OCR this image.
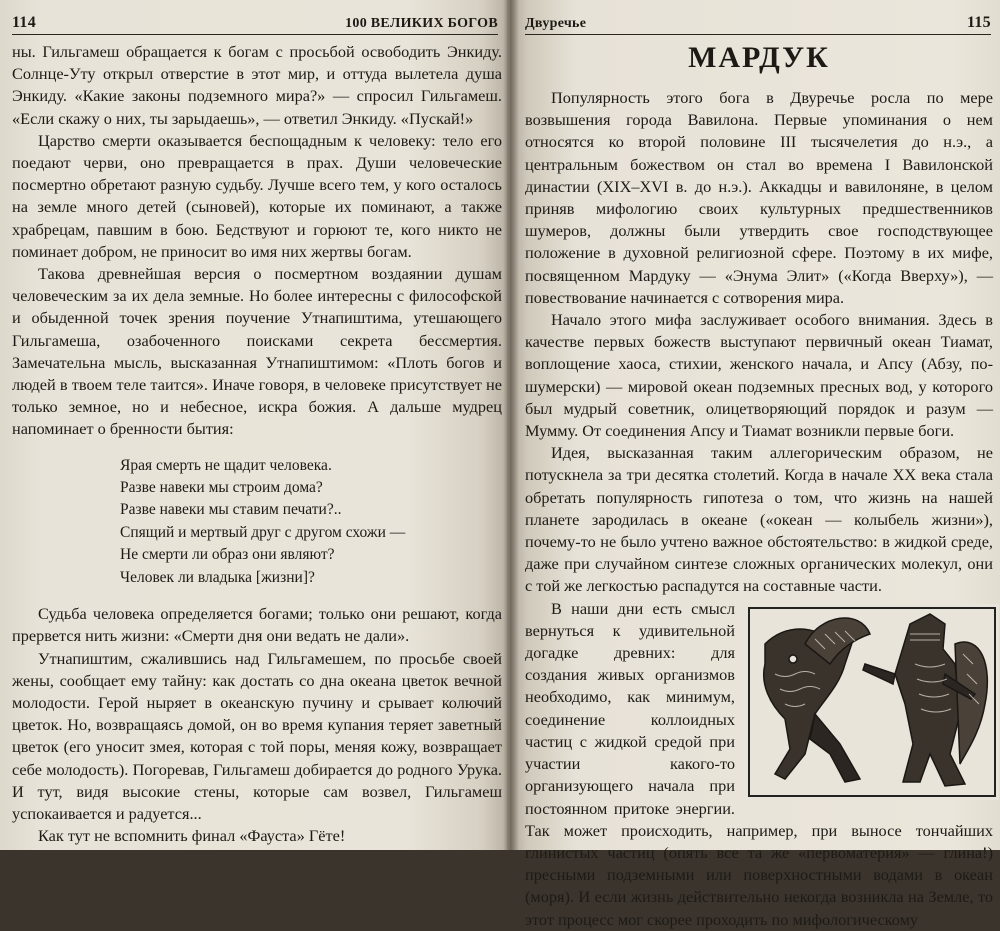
114	100 ВЕЛИКИХ БОГОВ

ны. Гильгамеш обращается к богам с просьбой освободить Энкиду. Солнце-Уту открыл отверстие в этот мир, и оттуда вылетела душа Энкиду. «Какие законы подземного мира?» — спросил Гильгамеш. «Если скажу о них, ты зарыдаешь», — ответил Энкиду. «Пускай!»

Царство смерти оказывается беспощадным к человеку: тело его поедают черви, оно превращается в прах. Души человеческие посмертно обретают разную судьбу. Лучше всего тем, у кого осталось на земле много детей (сыновей), которые их поминают, а также храбрецам, павшим в бою. Бедствуют и горюют те, кого никто не поминает добром, не приносит во имя них жертвы богам.

Такова древнейшая версия о посмертном воздаянии душам человеческим за их дела земные. Но более интересны с философской и обыденной точек зрения поучение Утнапиштима, утешающего Гильгамеша, озабоченного поисками секрета бессмертия. Замечательна мысль, высказанная Утнапиштимом: «Плоть богов и людей в твоем теле таится». Иначе говоря, в человеке присутствует не только земное, но и небесное, искра божия. А дальше мудрец напоминает о бренности бытия:

Ярая смерть не щадит человека.
Разве навеки мы строим дома?
Разве навеки мы ставим печати?..
Спящий и мертвый друг с другом схожи —
Не смерти ли образ они являют?
Человек ли владыка [жизни]?

Судьба человека определяется богами; только они решают, когда прервется нить жизни: «Смерти дня они ведать не дали».

Утнапиштим, сжалившись над Гильгамешем, по просьбе своей жены, сообщает ему тайну: как достать со дна океана цветок вечной молодости. Герой ныряет в океанскую пучину и срывает колючий цветок. Но, возвращаясь домой, он во время купания теряет заветный цветок (его уносит змея, которая с той поры, меняя кожу, возвращает себе молодость). Погоревав, Гильгамеш добирается до родного Урука. И тут, видя высокие стены, которые сам возвел, Гильгамеш успокаивается и радуется...

Как тут не вспомнить финал «Фауста» Гёте!

Двуречье	115
МАРДУК

Популярность этого бога в Двуречье росла по мере возвышения города Вавилона. Первые упоминания о нем относятся ко второй половине III тысячелетия до н.э., а центральным божеством он стал во времена I Вавилонской династии (XIX–XVI в. до н.э.). Аккадцы и вавилоняне, в целом приняв мифологию своих культурных предшественников шумеров, должны были утвердить свое господствующее положение в духовной религиозной сфере. Поэтому в их мифе, посвященном Мардуку — «Энума Элит» («Когда Вверху»), — повествование начинается с сотворения мира.

Начало этого мифа заслуживает особого внимания. Здесь в качестве первых божеств выступают первичный океан Тиамат, воплощение хаоса, стихии, женского начала, и Апсу (Абзу, по-шумерски) — мировой океан подземных пресных вод, у которого был мудрый советник, олицетворяющий порядок и разум — Мумму. От соединения Апсу и Тиамат возникли первые боги.

Идея, высказанная таким аллегорическим образом, не потускнела за три десятка столетий. Когда в начале XX века стала обретать популярность гипотеза о том, что жизнь на нашей планете зародилась в океане («океан — колыбель жизни»), почему-то не было учтено важное обстоятельство: в жидкой среде, даже при случайном синтезе сложных органических молекул, они с той же легкостью распадутся на составные части.

В наши дни есть смысл вернуться к удивительной догадке древних: для создания живых организмов необходимо, как минимум, соединение коллоидных частиц с жидкой средой при участии какого-то организующего начала при постоянном притоке энергии. Так может происходить, например, при выносе тончайших глинистых частиц (опять все та же «первоматерия» — глина!) пресными подземными или поверхностными водами в океан (моря). И если жизнь действительно некогда возникла на Земле, то этот процесс мог скорее проходить по мифологическому
